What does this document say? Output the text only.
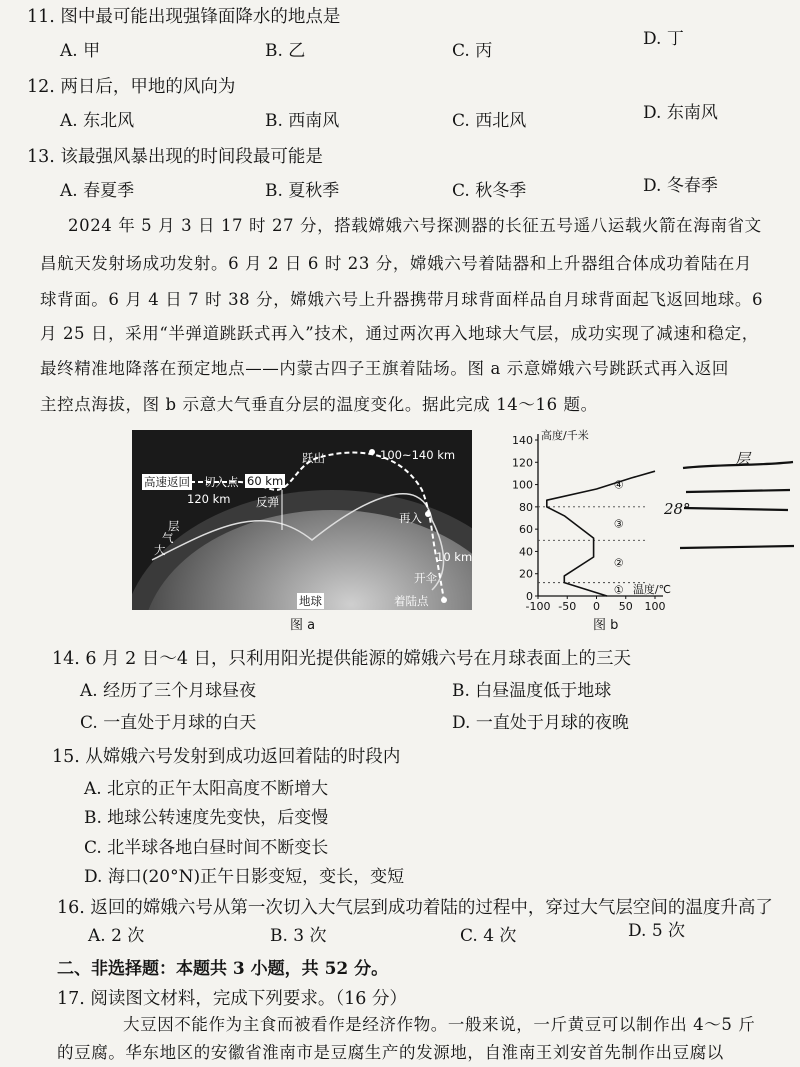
11. 图中最可能出现强锋面降水的地点是
A. 甲	B. 乙	C. 丙
D. 丁
12. 两日后，甲地的风向为
A. 东北风	B. 西南风	C. 西北风	D. 东南风
13. 该最强风暴出现的时间段最可能是
A. 春夏季	B. 夏秋季	C. 秋冬季	D. 冬春季
2024 年 5 月 3 日 17 时 27 分，搭载嫦娥六号探测器的长征五号遥八运载火箭在海南省文
昌航天发射场成功发射。6 月 2 日 6 时 23 分，嫦娥六号着陆器和上升器组合体成功着陆在月
球背面。6 月 4 日 7 时 38 分，嫦娥六号上升器携带月球背面样品自月球背面起飞返回地球。6
月 25 日，采用“半弹道跳跃式再入”技术，通过两次再入地球大气层，成功实现了减速和稳定，
最终精准地降落在预定地点——内蒙古四子王旗着陆场。图 a 示意嫦娥六号跳跃式再入返回
主控点海拔，图 b 示意大气垂直分层的温度变化。据此完成 14～16 题。
高速返回 切入点 60 km
120 km 反弹
跃出	100~140 km
再入
10 km
开伞
地球	着陆点
大
气
层
图 a
140
120
100
80
60
40
20
0
-100 -50 0 50 100
高度/千米
温度/℃
④
③
②
①
图 b
层
28°
14. 6 月 2 日～4 日，只利用阳光提供能源的嫦娥六号在月球表面上的三天
A. 经历了三个月球昼夜	B. 白昼温度低于地球
C. 一直处于月球的白天	D. 一直处于月球的夜晚
15. 从嫦娥六号发射到成功返回着陆的时段内
A. 北京的正午太阳高度不断增大
B. 地球公转速度先变快，后变慢
C. 北半球各地白昼时间不断变长
D. 海口(20°N)正午日影变短，变长，变短
16. 返回的嫦娥六号从第一次切入大气层到成功着陆的过程中，穿过大气层空间的温度升高了
A. 2 次	B. 3 次	C. 4 次	D. 5 次
二、非选择题：本题共 3 小题，共 52 分。
17. 阅读图文材料，完成下列要求。（16 分）
大豆因不能作为主食而被看作是经济作物。一般来说，一斤黄豆可以制作出 4～5 斤
的豆腐。华东地区的安徽省淮南市是豆腐生产的发源地，自淮南王刘安首先制作出豆腐以
